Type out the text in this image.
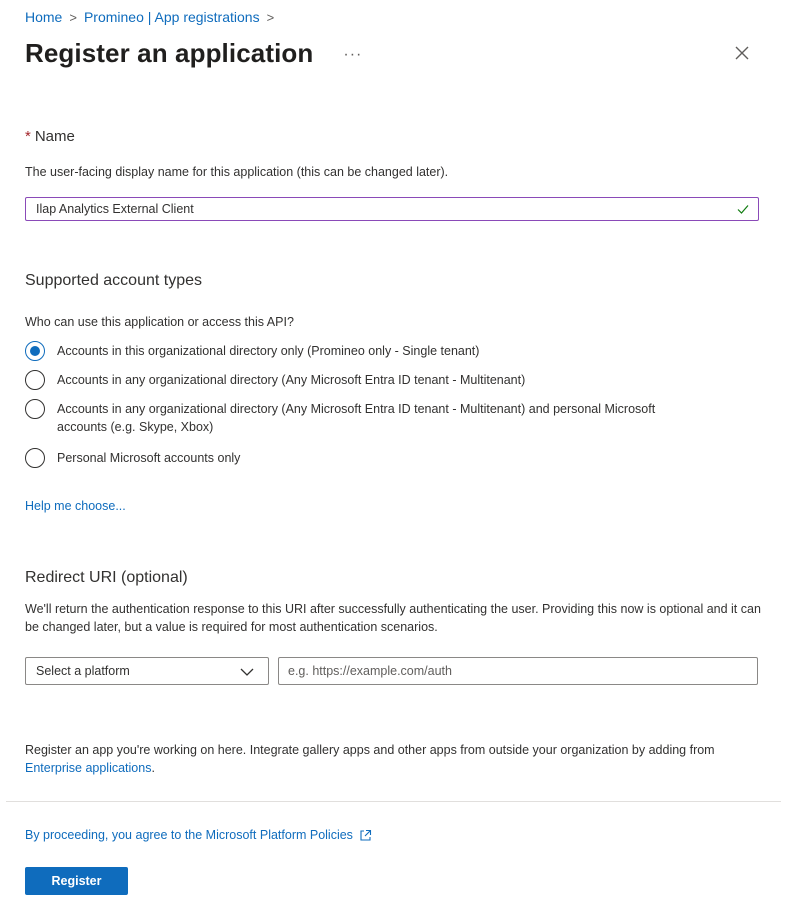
Home > Promineo | App registrations >
Register an application ···
* Name
The user-facing display name for this application (this can be changed later).
Ilap Analytics External Client
Supported account types
Who can use this application or access this API?
Accounts in this organizational directory only (Promineo only - Single tenant)
Accounts in any organizational directory (Any Microsoft Entra ID tenant - Multitenant)
Accounts in any organizational directory (Any Microsoft Entra ID tenant - Multitenant) and personal Microsoft accounts (e.g. Skype, Xbox)
Personal Microsoft accounts only
Help me choose...
Redirect URI (optional)
We'll return the authentication response to this URI after successfully authenticating the user. Providing this now is optional and it can be changed later, but a value is required for most authentication scenarios.
Select a platform
e.g. https://example.com/auth
Register an app you're working on here. Integrate gallery apps and other apps from outside your organization by adding from Enterprise applications.
By proceeding, you agree to the Microsoft Platform Policies
Register
